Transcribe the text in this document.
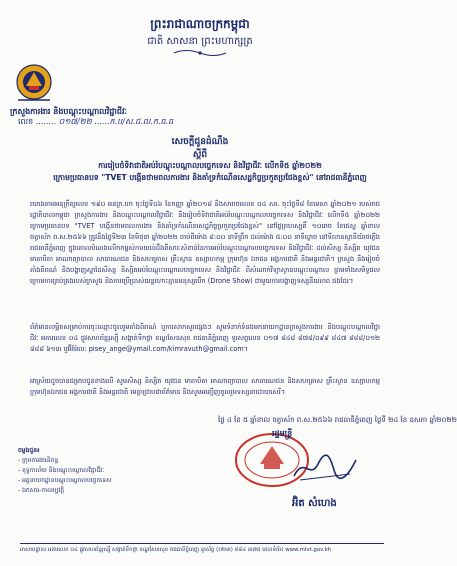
ព្រះរាជាណាចក្រកម្ពុជា
ជាតិ សាសនា ព្រះមហាក្សត្រ
ក្រសួងការងារ និងបណ្តុះបណ្តាលវិជ្ជាជីវៈ
លេខ ........ ០១៧/២២ ......ក.ប/ស.ជ.ល.ក.ធ.ធ
សេចក្តីជូនដំណឹង
ស្តីពី
ការរៀបចំទិវាជាតិអប់រំបណ្តុះបណ្តាលបច្ចេកទេស និងវិជ្ជាជីវៈ លើកទី៥ ឆ្នាំ២០២២
ក្រោមប្រធានបទ "TVET បង្កើនថាមពលការងារ និងគាំទ្រកំណើនសេដ្ឋកិច្ចប្រកួតប្រជែងខ្ពស់" នៅរាជធានីភ្នំពេញ
យោងតាមអនុក្រឹត្យលេខ ១៩០ អនក្រ.បក ចុះថ្ងៃទី០៦ ខែកញ្ញា ឆ្នាំ២០១៨ និងសារាចរលេខ ០៤ សរ. ចុះថ្ងៃទី៨ ខែមេសា ឆ្នាំ២០២១ របស់រាជរដ្ឋាភិបាលកម្ពុជា ក្រសួងការងារ និងបណ្តុះបណ្តាលវិជ្ជាជីវៈ នឹងរៀបចំទិវាជាតិអប់រំបណ្តុះបណ្តាលបច្ចេកទេស និងវិជ្ជាជីវៈ លើកទី៥ ឆ្នាំ២០២២ ក្រោមប្រធានបទ "TVET បង្កើនថាមពលការងារ និងគាំទ្រកំណើនសេដ្ឋកិច្ចប្រកួតប្រជែងខ្ពស់" នៅថ្ងៃព្រហស្បតិ៍ ១០រោច ខែជេស្ឋ ឆ្នាំខាល ចត្វាស័ក ព.ស.២៥៦៦ ត្រូវនឹងថ្ងៃទី២៣ ខែមិថុនា ឆ្នាំ២០២២ ចាប់ពីម៉ោង ៨:០០ នាទីព្រឹក ដល់ម៉ោង ៥:០០ នាទីល្ងាច នៅទីលានស្ថានីយ៍រថភ្លើង រាជធានីភ្នំពេញ ក្នុងគោលបំណងលើកកម្ពស់ការយល់ដឹងពីសារៈសំខាន់នៃការអប់រំបណ្តុះបណ្តាលបច្ចេកទេស និងវិជ្ជាជីវៈ ដល់សិស្ស និស្សិត យុវជន មាតាបិតា អាណាព្យាបាល សាធារណជន និងសហគ្រាស គ្រឹះស្ថាន ឧស្សាហកម្ម ក្រុមហ៊ុន ឯកជន អង្គការជាតិ និងអន្តរជាតិ។ ក្រសួង នឹងរៀបចំតាំងពិពណ៌ និងបង្ហាញស្នាដៃសិស្ស និស្សិតអប់រំបណ្តុះបណ្តាលបច្ចេកទេស និងវិជ្ជាជីវៈ ពីសំណាក់វិទ្យាស្ថានបណ្តុះបណ្តាល ព្រមទាំងសមិទ្ធផល ក្រោមការគ្រប់គ្រងរបស់ក្រសួង និងការប្រើប្រាស់យន្តហោះគ្មានមនុស្សបើក (Drone Show) ជាមួយការបង្ហាញទស្សនីយភាព ផងដែរ។
ព័ត៌មានលម្អិតសម្រាប់ការចុះឈ្មោះចូលរួមតាំងពិពណ៌ ឬការសាកសួរផ្សេងៗ សូមទំនាក់ទំនងមកនាយកដ្ឋានក្រសួងការងារ និងបណ្តុះបណ្តាលវិជ្ជាជីវៈ អគារលេខ ០៤ ផ្លូវសហព័ន្ធរុស្ស៊ី សង្កាត់ទឹកថ្លា ខណ្ឌសែនសុខ រាជធានីភ្នំពេញ ទូរសព្ទលេខ ០១៧ ៨៤៨ ៨៧៨/០៩៩ ៨៤៧ ៨៨៨/០១២ ៨៨៨ ៦១៣ ឬអ៊ីម៉ែល: pisey_ange@ymail.com/kimravuth@gmail.com។
អាស្រ័យដូចបានជម្រាបជូនខាងលើ សូមសិស្ស និស្សិត យុវជន មាតាបិតា អាណាព្យាបាល សាធារណជន និងសហគ្រាស គ្រឹះស្ថាន ឧស្សាហកម្ម ក្រុមហ៊ុនឯកជន អង្គការជាតិ និងអន្តរជាតិ មេត្តាជ្រាបជាព័ត៌មាន និងសូមអញ្ជើញចូលរួមទស្សនាដោយសេរី។
ថ្ងៃ ៤ ខែ ៥ ឆ្នាំខាល ចត្វាស័ក ព.ស.២៥៦៦ រាជធានីភ្នំពេញ ថ្ងៃទី ២៤ ខែ ឧសភា ឆ្នាំ២០២២
រដ្ឋមន្ត្រី
អ៊ិត សំហេង
ចម្លងជូន៖
- ក្រុមការងារនិពន្ធ
- ខុទ្ទកាល័យ និងបណ្តុះបណ្តាលវិជ្ជាជីវៈ
- អគ្គនាយកដ្ឋានបណ្តុះបណ្តាលបច្ចេកទេស
- ឯកសារ-កាលប្បវត្តិ
អាសយដ្ឋាន៖ អគារលេខ ០៤ ផ្លូវសហព័ន្ធរុស្ស៊ី សង្កាត់ទឹកថ្លា ខណ្ឌសែនសុខ រាជធានីភ្នំពេញ ទូរស័ព្ទ (០២៣) ៨៨៤ ៣៧៥ គេហទំព័រ៖ www.mlvt.gov.kh
